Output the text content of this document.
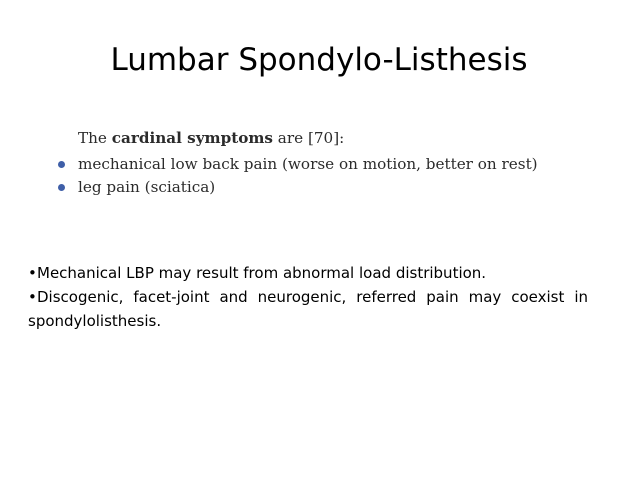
Lumbar Spondylo-Listhesis
The cardinal symptoms are [70]:
mechanical low back pain (worse on motion, better on rest)
leg pain (sciatica)

•Mechanical LBP may result from abnormal load distribution.

•Discogenic, facet-joint and neurogenic, referred pain may coexist in spondylolisthesis.
